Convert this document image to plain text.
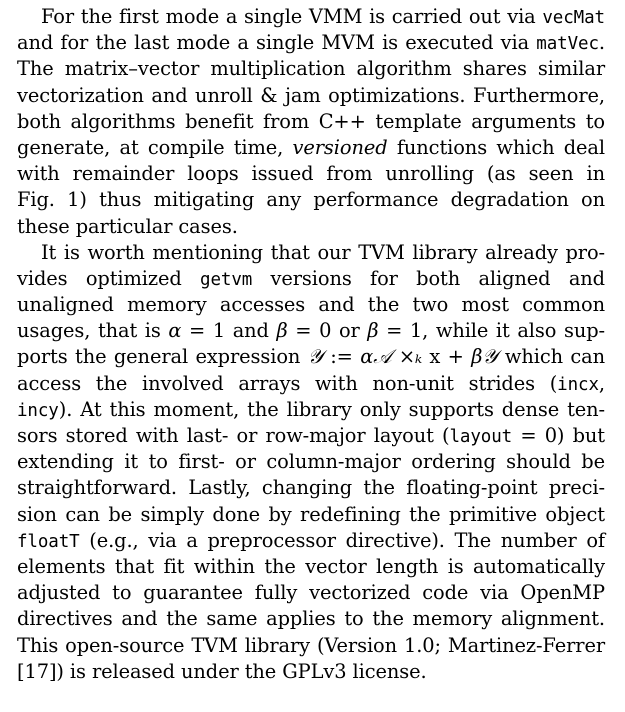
For the first mode a single VMM is carried out via vecMat
and for the last mode a single MVM is executed via matVec.
The matrix–vector multiplication algorithm shares similar
vectorization and unroll & jam optimizations. Furthermore,
both algorithms benefit from C++ template arguments to
generate, at compile time, versioned functions which deal
with remainder loops issued from unrolling (as seen in
Fig. 1) thus mitigating any performance degradation on
these particular cases.
It is worth mentioning that our TVM library already pro-
vides optimized getvm versions for both aligned and
unaligned memory accesses and the two most common
usages, that is α = 1 and β = 0 or β = 1, while it also sup-
ports the general expression 𝒴 := α𝒜 ×ₖ x + β𝒴 which can
access the involved arrays with non-unit strides (incx,
incy). At this moment, the library only supports dense ten-
sors stored with last- or row-major layout (layout = 0) but
extending it to first- or column-major ordering should be
straightforward. Lastly, changing the floating-point preci-
sion can be simply done by redefining the primitive object
floatT (e.g., via a preprocessor directive). The number of
elements that fit within the vector length is automatically
adjusted to guarantee fully vectorized code via OpenMP
directives and the same applies to the memory alignment.
This open-source TVM library (Version 1.0; Martinez-Ferrer
[17]) is released under the GPLv3 license.
